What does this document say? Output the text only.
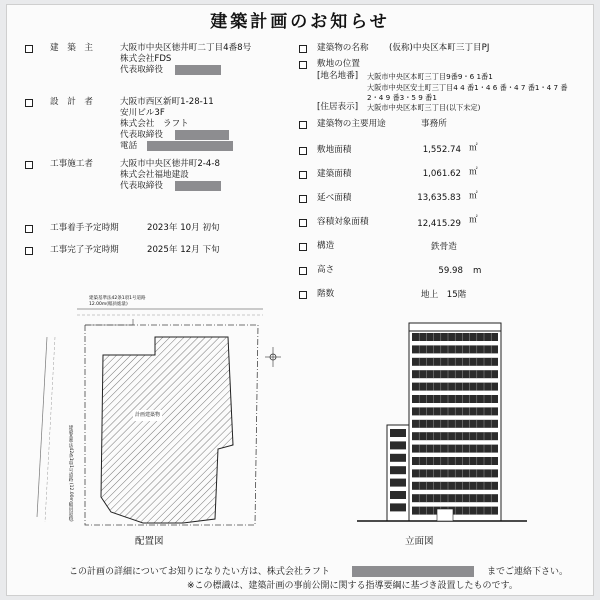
建築計画のお知らせ
建　築　主	大阪市中央区徳井町二丁目4番8号
株式会社FDS
代表取締役
設　計　者	大阪市西区新町1-28-11
安川ビル3F
株式会社　ラフト
代表取締役
電話
工事施工者	大阪市中央区徳井町2-4-8
株式会社福地建設
代表取締役
工事着手予定時期	2023年 10月 初旬
工事完了予定時期	2025年 12月 下旬
建築物の名称 (仮称)中央区本町三丁目PJ
敷地の位置
[地名地番] 大阪市中央区本町三丁目9番9・6 1番1
大阪市中央区安土町三丁目4 4 番1・4 6 番・4 7 番1・4 7 番
2・4 9 番3・5 9 番1
[住居表示] 大阪市中央区本町三丁目(以下未定)
建築物の主要用途	事務所
敷地面積	1,552.74 ㎡
建築面積	1,061.62 ㎡
延べ面積	13,635.83 ㎡
容積対象面積	12,415.29 ㎡
構造	鉄骨造
高さ	59.98 m
階数	地上　15階
建築基準法42条1項1号道路
12.00m(幅員総量)
計画建築物
建築基準法42条1項1号道路 (12.00m幅員道路)
配置図	立面図
この計画の詳細についてお知りになりたい方は、株式会社ラフト	までご連絡下さい。
※この標識は、建築計画の事前公開に関する指導要綱に基づき設置したものです。
